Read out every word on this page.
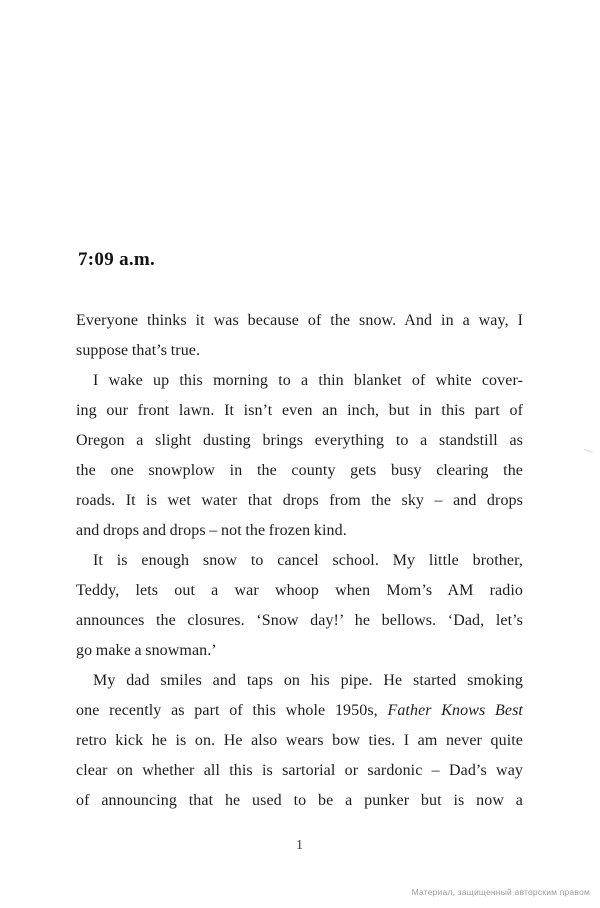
7:09 a.m.
Everyone thinks it was because of the snow. And in a way, I
suppose that’s true.
I wake up this morning to a thin blanket of white cover-
ing our front lawn. It isn’t even an inch, but in this part of
Oregon a slight dusting brings everything to a standstill as
the one snowplow in the county gets busy clearing the
roads. It is wet water that drops from the sky – and drops
and drops and drops – not the frozen kind.
It is enough snow to cancel school. My little brother,
Teddy, lets out a war whoop when Mom’s AM radio
announces the closures. ‘Snow day!’ he bellows. ‘Dad, let’s
go make a snowman.’
My dad smiles and taps on his pipe. He started smoking
one recently as part of this whole 1950s, Father Knows Best
retro kick he is on. He also wears bow ties. I am never quite
clear on whether all this is sartorial or sardonic – Dad’s way
of announcing that he used to be a punker but is now a
1
Материал, защищенный авторским правом
